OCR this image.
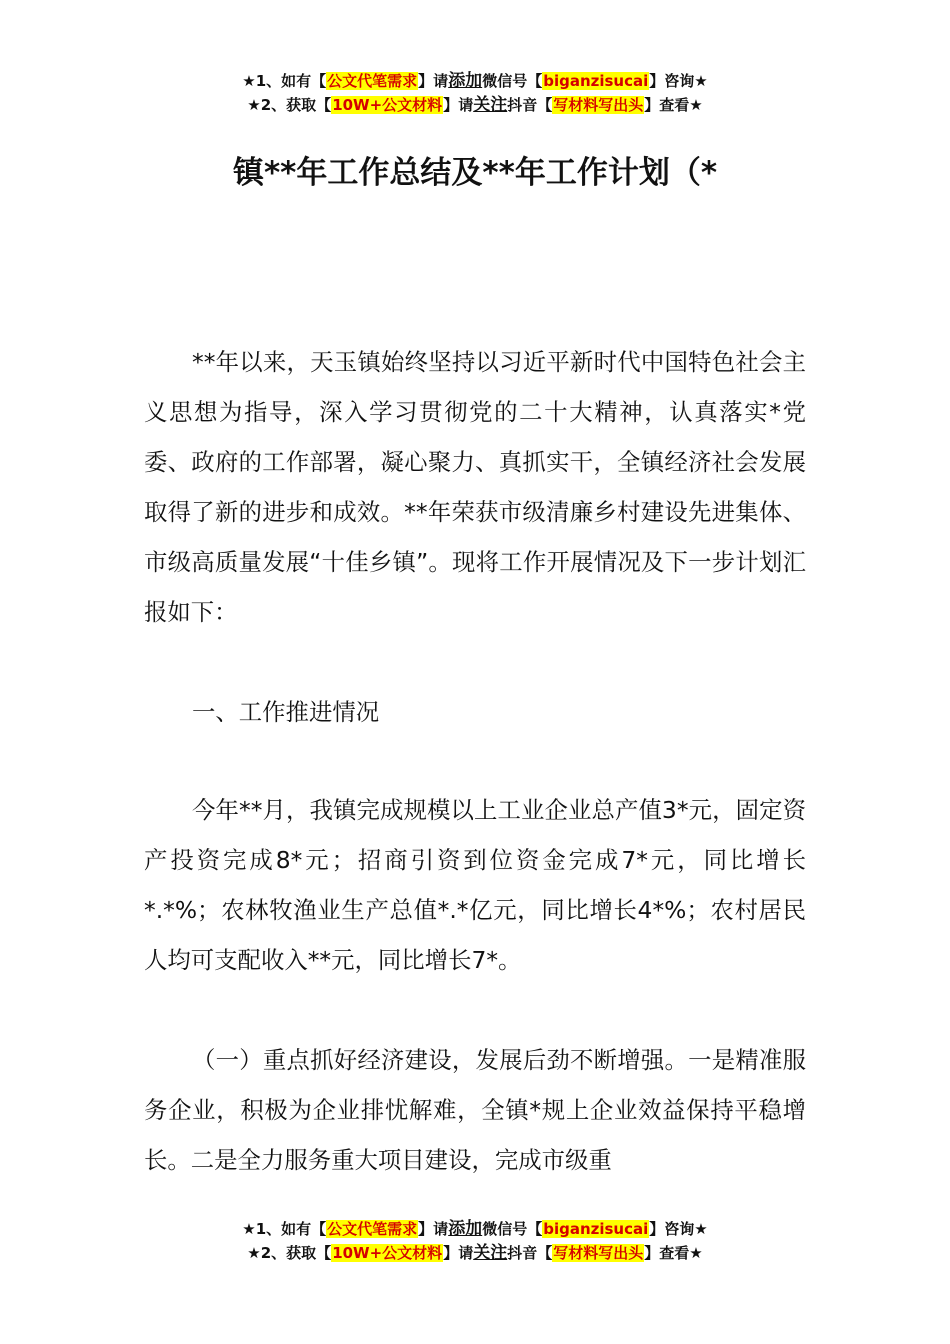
★1、如有【公文代笔需求】请添加微信号【biganzisucai】咨询★
★2、获取【10W+公文材料】请关注抖音【写材料写出头】查看★
镇**年工作总结及**年工作计划（*

**年以来，天玉镇始终坚持以习近平新时代中国特色社会主义思想为指导，深入学习贯彻党的二十大精神，认真落实*党委、政府的工作部署，凝心聚力、真抓实干，全镇经济社会发展取得了新的进步和成效。**年荣获市级清廉乡村建设先进集体、市级高质量发展“十佳乡镇”。现将工作开展情况及下一步计划汇报如下：

一、工作推进情况

今年**月，我镇完成规模以上工业企业总产值3*元，固定资产投资完成8*元；招商引资到位资金完成7*元，同比增长*.*%；农林牧渔业生产总值*.*亿元，同比增长4*%；农村居民人均可支配收入**元，同比增长7*。

（一）重点抓好经济建设，发展后劲不断增强。一是精准服务企业，积极为企业排忧解难，全镇*规上企业效益保持平稳增长。二是全力服务重大项目建设，完成市级重

★1、如有【公文代笔需求】请添加微信号【biganzisucai】咨询★
★2、获取【10W+公文材料】请关注抖音【写材料写出头】查看★
